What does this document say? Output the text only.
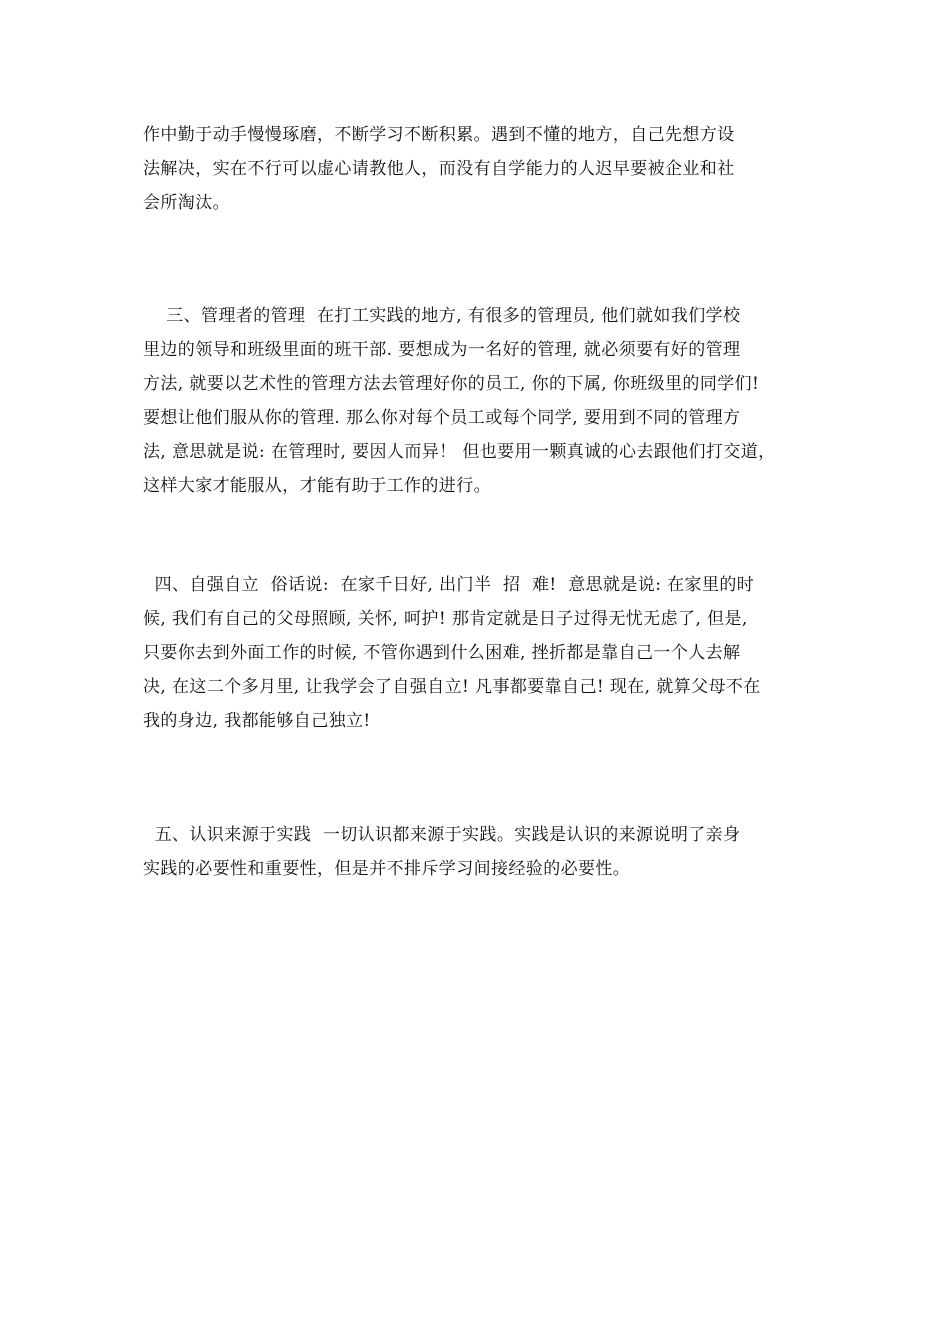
作中勤于动手慢慢琢磨，不断学习不断积累。遇到不懂的地方，自己先想方设
法解决，实在不行可以虚心请教他人，而没有自学能力的人迟早要被企业和社
会所淘汰。
三、管理者的管理  在打工实践的地方, 有很多的管理员, 他们就如我们学校
里边的领导和班级里面的班干部. 要想成为一名好的管理, 就必须要有好的管理
方法, 就要以艺术性的管理方法去管理好你的员工, 你的下属, 你班级里的同学们!
要想让他们服从你的管理. 那么你对每个员工或每个同学, 要用到不同的管理方
法, 意思就是说: 在管理时, 要因人而异！ 但也要用一颗真诚的心去跟他们打交道，
这样大家才能服从，才能有助于工作的进行。
四、自强自立  俗话说:  在家千日好, 出门半  招  难!  意思就是说: 在家里的时
候, 我们有自己的父母照顾, 关怀, 呵护! 那肯定就是日子过得无忧无虑了, 但是,
只要你去到外面工作的时候, 不管你遇到什么困难, 挫折都是靠自己一个人去解
决, 在这二个多月里, 让我学会了自强自立! 凡事都要靠自己! 现在, 就算父母不在
我的身边, 我都能够自己独立!
五、认识来源于实践  一切认识都来源于实践。实践是认识的来源说明了亲身
实践的必要性和重要性，但是并不排斥学习间接经验的必要性。
